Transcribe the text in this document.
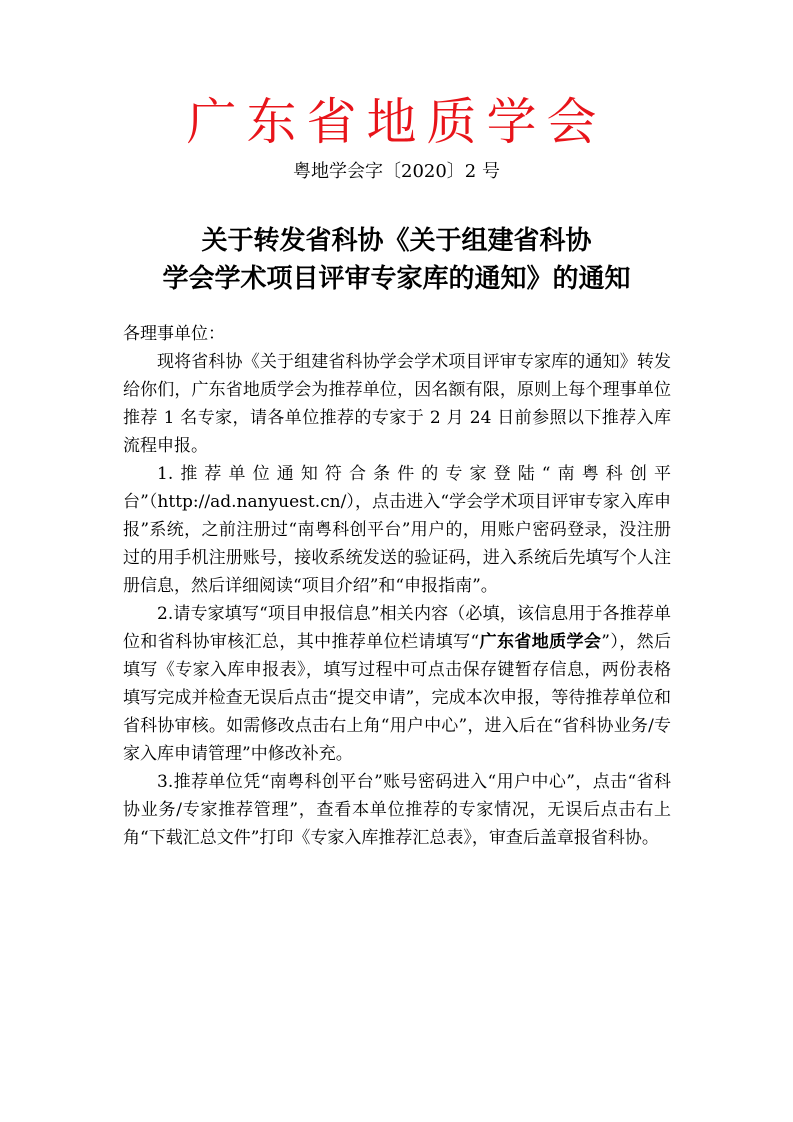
广东省地质学会
粤地学会字〔2020〕2 号
关于转发省科协《关于组建省科协
学会学术项目评审专家库的通知》的通知

各理事单位：

现将省科协《关于组建省科协学会学术项目评审专家库的通知》转发给你们，广东省地质学会为推荐单位，因名额有限，原则上每个理事单位推荐 1 名专家，请各单位推荐的专家于 2 月 24 日前参照以下推荐入库流程申报。

1.推荐单位通知符合条件的专家登陆“南粤科创平台”（http://ad.nanyuest.cn/），点击进入“学会学术项目评审专家入库申报”系统，之前注册过“南粤科创平台”用户的，用账户密码登录，没注册过的用手机注册账号，接收系统发送的验证码，进入系统后先填写个人注册信息，然后详细阅读“项目介绍”和“申报指南”。

2.请专家填写“项目申报信息”相关内容（必填，该信息用于各推荐单位和省科协审核汇总，其中推荐单位栏请填写“广东省地质学会”），然后填写《专家入库申报表》，填写过程中可点击保存键暂存信息，两份表格填写完成并检查无误后点击“提交申请”，完成本次申报，等待推荐单位和省科协审核。如需修改点击右上角“用户中心”，进入后在“省科协业务/专家入库申请管理”中修改补充。

3.推荐单位凭“南粤科创平台”账号密码进入“用户中心”，点击“省科协业务/专家推荐管理”，查看本单位推荐的专家情况，无误后点击右上角“下载汇总文件”打印《专家入库推荐汇总表》，审查后盖章报省科协。
